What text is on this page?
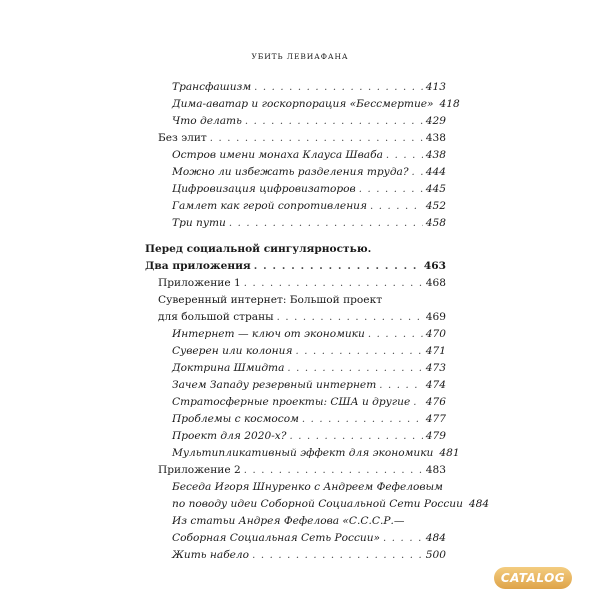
УБИТЬ ЛЕВИАФАНА
Трансфашизм . . .	413
Дима-аватар и госкорпорация «Бессмертие» 418
Что делать . . .	429
Без элит . . .	438
Остров имени монаха Клауса Шваба . . .	438
Можно ли избежать разделения труда? . . . 444
Цифровизация цифровизаторов . . .	445
Гамлет как герой сопротивления . . .	452
Три пути . . .	458
Перед социальной сингулярностью.
Два приложения . . .	463
Приложение 1 . . .	468
Суверенный интернет: Большой проект
для большой страны . . .	469
Интернет — ключ от экономики . . .	470
Суверен или колония . . .	471
Доктрина Шмидта . . .	473
Зачем Западу резервный интернет . . .	474
Стратосферные проекты: США и другие . . . 476
Проблемы с космосом . . .	477
Проект для 2020-х? . . .	479
Мультипликативный эффект для экономики 481
Приложение 2 . . .	483
Беседа Игоря Шнуренко с Андреем Фефеловым
по поводу идеи Соборной Социальной Сети России 484
Из статьи Андрея Фефелова «С.С.С.Р.—
Соборная Социальная Сеть России» . . .	484
Жить набело . . .	500
CATALOG
